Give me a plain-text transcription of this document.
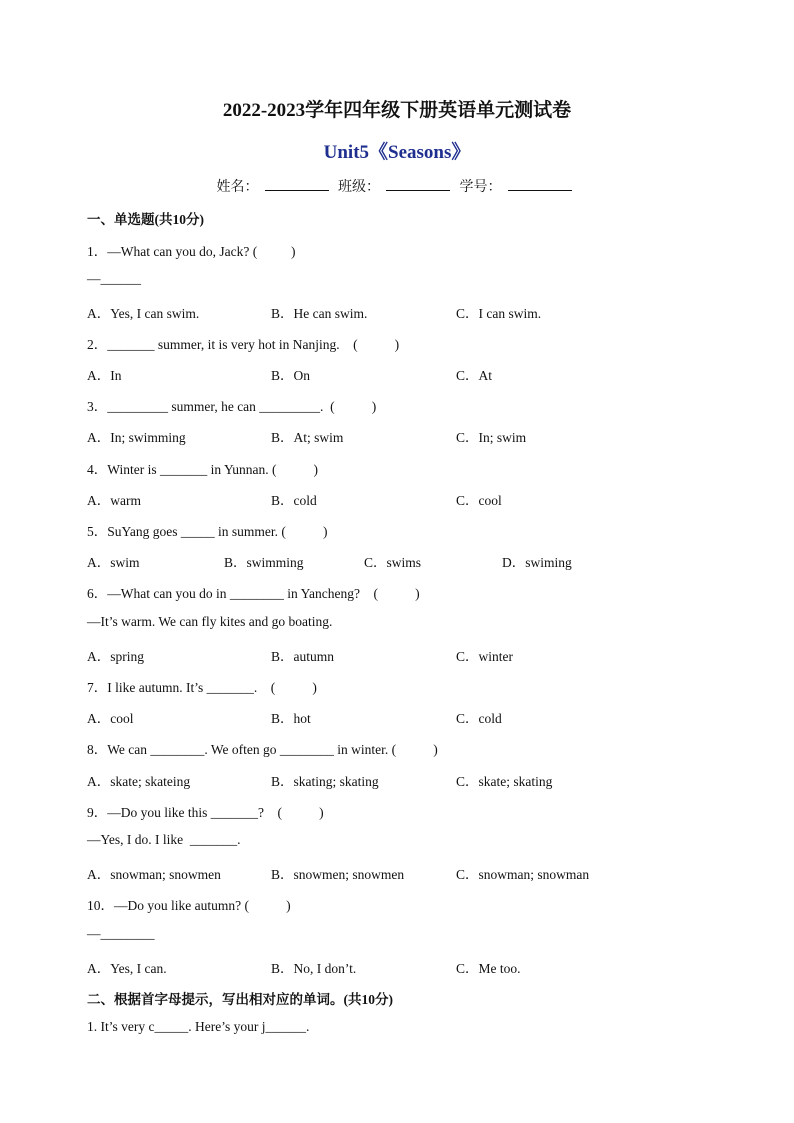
2022-2023学年四年级下册英语单元测试卷
Unit5《Seasons》
姓名：	班级：	学号：
一、单选题(共10分)
1．—What can you do, Jack? (          )
—______
A．Yes, I can swim.	B．He can swim.	C．I can swim.
2．_______ summer, it is very hot in Nanjing.    (           )
A．In	B．On	C．At
3．_________ summer, he can _________.  (           )
A．In; swimming	B．At; swim	C．In; swim
4．Winter is _______ in Yunnan. (           )
A．warm	B．cold	C．cool
5．SuYang goes _____ in summer. (           )
A．swim	B．swimming	C．swims	D．swiming
6．—What can you do in ________ in Yancheng?    (           )
—It’s warm. We can fly kites and go boating.
A．spring	B．autumn	C．winter
7．I like autumn. It’s _______.    (           )
A．cool	B．hot	C．cold
8．We can ________. We often go ________ in winter. (           )
A．skate; skateing	B．skating; skating	C．skate; skating
9．—Do you like this _______?    (           )
—Yes, I do. I like  _______.
A．snowman; snowmen	B．snowmen; snowmen	C．snowman; snowman
10．—Do you like autumn? (           )
—________
A．Yes, I can.	B．No, I don’t.	C．Me too.
二、根据首字母提示，写出相对应的单词。(共10分)
1. It’s very c_____. Here’s your j______.
